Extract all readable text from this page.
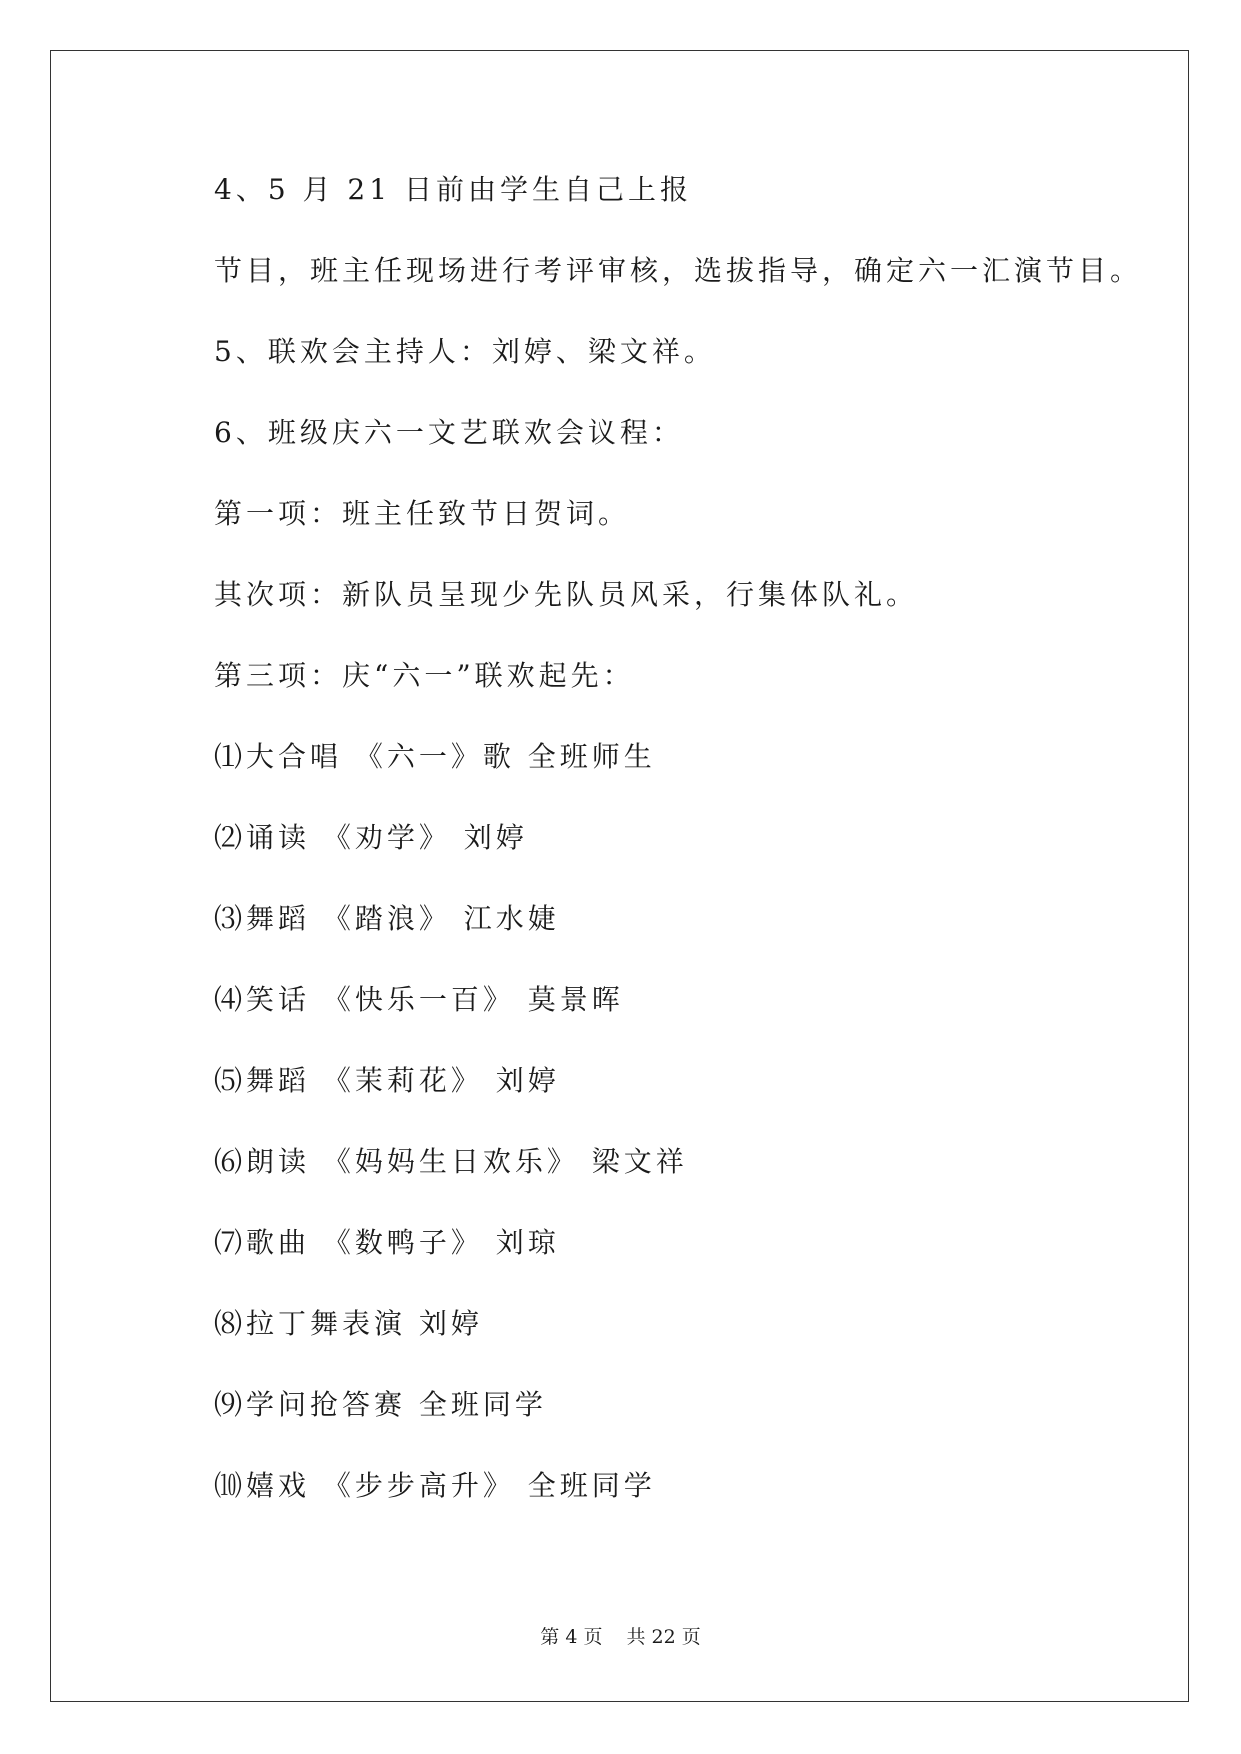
4、5 月 21 日前由学生自己上报
节目，班主任现场进行考评审核，选拔指导，确定六一汇演节目。
5、联欢会主持人：刘婷、梁文祥。
6、班级庆六一文艺联欢会议程：
第一项：班主任致节日贺词。
其次项：新队员呈现少先队员风采，行集体队礼。
第三项：庆“六一”联欢起先：
⑴大合唱 《六一》歌 全班师生
⑵诵读 《劝学》 刘婷
⑶舞蹈 《踏浪》 江水婕
⑷笑话 《快乐一百》 莫景晖
⑸舞蹈 《茉莉花》 刘婷
⑹朗读 《妈妈生日欢乐》 梁文祥
⑺歌曲 《数鸭子》 刘琼
⑻拉丁舞表演 刘婷
⑼学问抢答赛 全班同学
⑽嬉戏 《步步高升》 全班同学
第 4 页 共 22 页
